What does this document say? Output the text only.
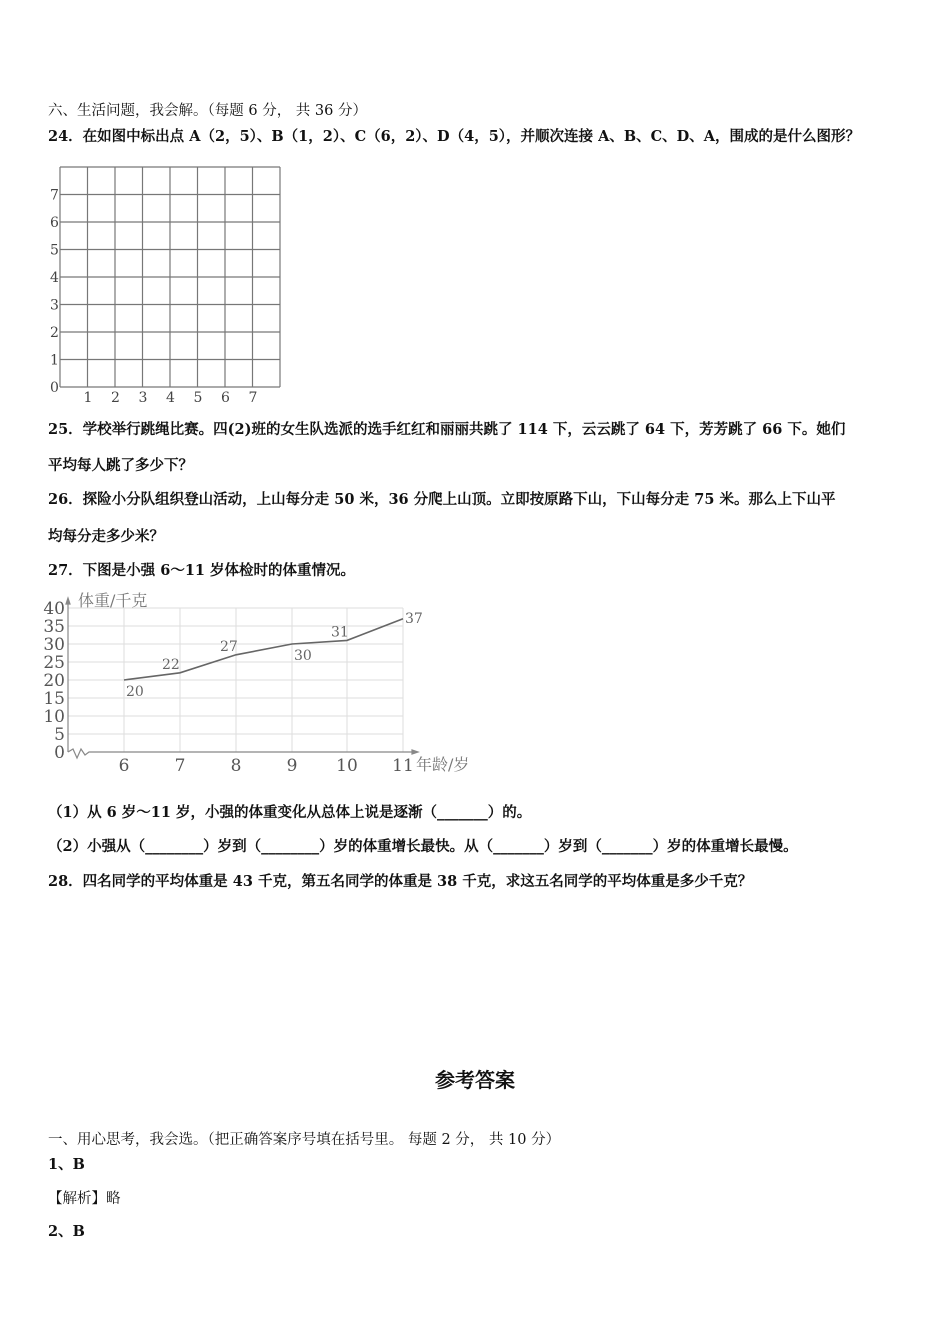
六、生活问题，我会解。（每题 6 分， 共 36 分）
24．在如图中标出点 A（2，5）、B（1，2）、C（6，2）、D（4，5），并顺次连接 A、B、C、D、A，围成的是什么图形？
1 2 3 4 5 6 7
0
1
2
3
4
5
6
7
25．学校举行跳绳比赛。四(2)班的女生队选派的选手红红和丽丽共跳了 114 下，云云跳了 64 下，芳芳跳了 66 下。她们
平均每人跳了多少下？
26．探险小分队组织登山活动，上山每分走 50 米，36 分爬上山顶。立即按原路下山，下山每分走 75 米。那么上下山平
均每分走多少米？
27．下图是小强 6～11 岁体检时的体重情况。
0
5
10
15
20
25
30
35
40
6	7	8	9 10 11
20
22
27
30
31
37
体重/千克
年龄/岁
（1）从 6 岁～11 岁，小强的体重变化从总体上说是逐渐（_______）的。
（2）小强从（________）岁到（________）岁的体重增长最快。从（_______）岁到（_______）岁的体重增长最慢。
28．四名同学的平均体重是 43 千克，第五名同学的体重是 38 千克，求这五名同学的平均体重是多少千克？
参考答案
一、用心思考，我会选。（把正确答案序号填在括号里。 每题 2 分， 共 10 分）
1、B
【解析】略
2、B
